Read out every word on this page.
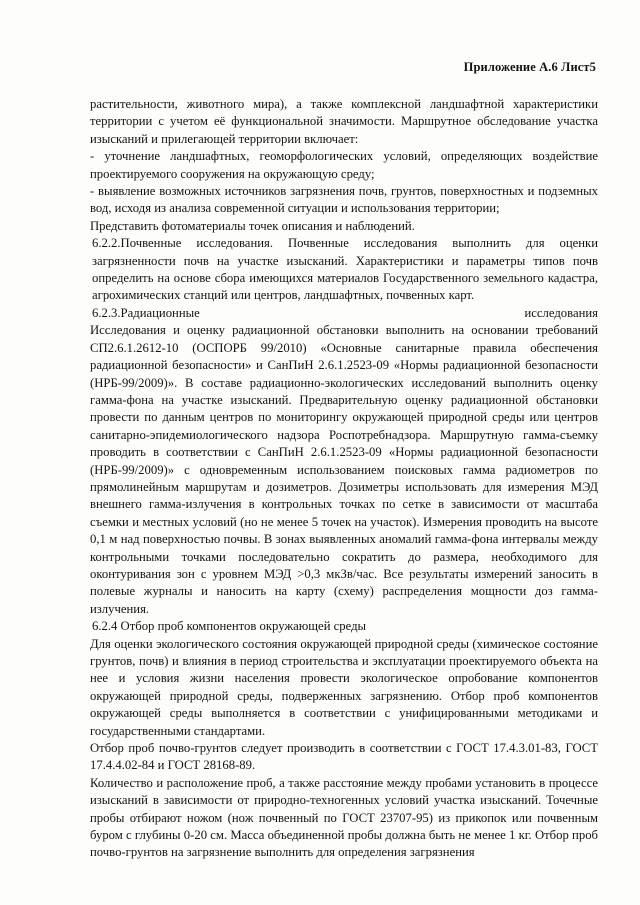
Приложение А.6 Лист5

растительности, животного мира), а также комплексной ландшафтной характеристики территории с учетом её функциональной значимости. Маршрутное обследование участка изысканий и прилегающей территории включает:

- уточнение ландшафтных, геоморфологических условий, определяющих воздействие проектируемого сооружения на окружающую среду;

- выявление возможных источников загрязнения почв, грунтов, поверхностных и подземных вод, исходя из анализа современной ситуации и использования территории;

Представить фотоматериалы точек описания и наблюдений.

6.2.2.Почвенные исследования. Почвенные исследования выполнить для оценки загрязненности почв на участке изысканий. Характеристики и параметры типов почв определить на основе сбора имеющихся материалов Государственного земельного кадастра, агрохимических станций или центров, ландшафтных, почвенных карт.

6.2.3.Радиационные исследования

Исследования и оценку радиационной обстановки выполнить на основании требований СП2.6.1.2612-10 (ОСПОРБ 99/2010) «Основные санитарные правила обеспечения радиационной безопасности» и СанПиН 2.6.1.2523-09 «Нормы радиационной безопасности (НРБ-99/2009)». В составе радиационно-экологических исследований выполнить оценку гамма-фона на участке изысканий. Предварительную оценку радиационной обстановки провести по данным центров по мониторингу окружающей природной среды или центров санитарно-эпидемиологического надзора Роспотребнадзора. Маршрутную гамма-съемку проводить в соответствии с СанПиН 2.6.1.2523-09 «Нормы радиационной безопасности (НРБ-99/2009)» с одновременным использованием поисковых гамма радиометров по прямолинейным маршрутам и дозиметров. Дозиметры использовать для измерения МЭД внешнего гамма-излучения в контрольных точках по сетке в зависимости от масштаба съемки и местных условий (но не менее 5 точек на участок). Измерения проводить на высоте 0,1 м над поверхностью почвы. В зонах выявленных аномалий гамма-фона интервалы между контрольными точками последовательно сократить до размера, необходимого для оконтуривания зон с уровнем МЭД >0,3 мкЗв/час. Все результаты измерений заносить в полевые журналы и наносить на карту (схему) распределения мощности доз гамма-излучения.

6.2.4 Отбор проб компонентов окружающей среды

Для оценки экологического состояния окружающей природной среды (химическое состояние грунтов, почв) и влияния в период строительства и эксплуатации проектируемого объекта на нее и условия жизни населения провести экологическое опробование компонентов окружающей природной среды, подверженных загрязнению. Отбор проб компонентов окружающей среды выполняется в соответствии с унифицированными методиками и государственными стандартами.

Отбор проб почво-грунтов следует производить в соответствии с ГОСТ 17.4.3.01-83, ГОСТ 17.4.4.02-84 и ГОСТ 28168-89.

Количество и расположение проб, а также расстояние между пробами установить в процессе изысканий в зависимости от природно-техногенных условий участка изысканий. Точечные пробы отбирают ножом (нож почвенный по ГОСТ 23707-95) из прикопок или почвенным буром с глубины 0-20 см. Масса объединенной пробы должна быть не менее 1 кг. Отбор проб почво-грунтов на загрязнение выполнить для определения загрязнения
